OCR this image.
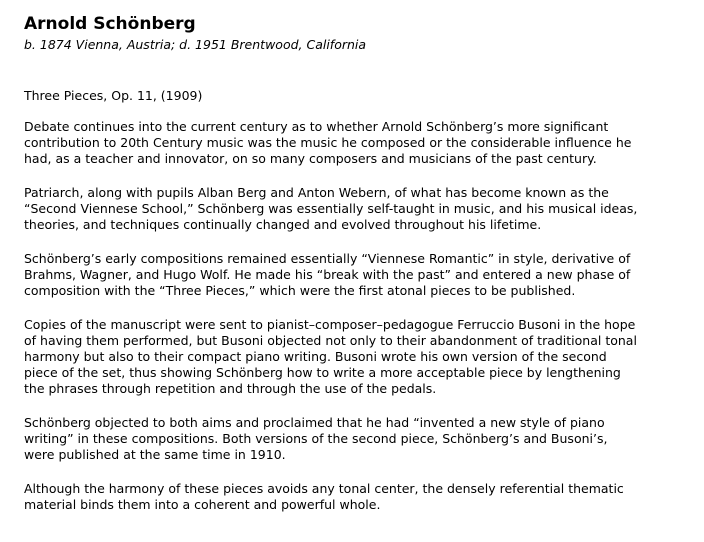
Arnold Schönberg
b. 1874 Vienna, Austria; d. 1951 Brentwood, California
Three Pieces, Op. 11, (1909)

Debate continues into the current century as to whether Arnold Schönberg’s more significant
contribution to 20th Century music was the music he composed or the considerable influence he
had, as a teacher and innovator, on so many composers and musicians of the past century.

Patriarch, along with pupils Alban Berg and Anton Webern, of what has become known as the
“Second Viennese School,” Schönberg was essentially self-taught in music, and his musical ideas,
theories, and techniques continually changed and evolved throughout his lifetime.

Schönberg’s early compositions remained essentially “Viennese Romantic” in style, derivative of
Brahms, Wagner, and Hugo Wolf. He made his “break with the past” and entered a new phase of
composition with the “Three Pieces,” which were the first atonal pieces to be published.

Copies of the manuscript were sent to pianist–composer–pedagogue Ferruccio Busoni in the hope
of having them performed, but Busoni objected not only to their abandonment of traditional tonal
harmony but also to their compact piano writing. Busoni wrote his own version of the second
piece of the set, thus showing Schönberg how to write a more acceptable piece by lengthening
the phrases through repetition and through the use of the pedals.

Schönberg objected to both aims and proclaimed that he had “invented a new style of piano
writing” in these compositions. Both versions of the second piece, Schönberg’s and Busoni’s,
were published at the same time in 1910.

Although the harmony of these pieces avoids any tonal center, the densely referential thematic
material binds them into a coherent and powerful whole.
